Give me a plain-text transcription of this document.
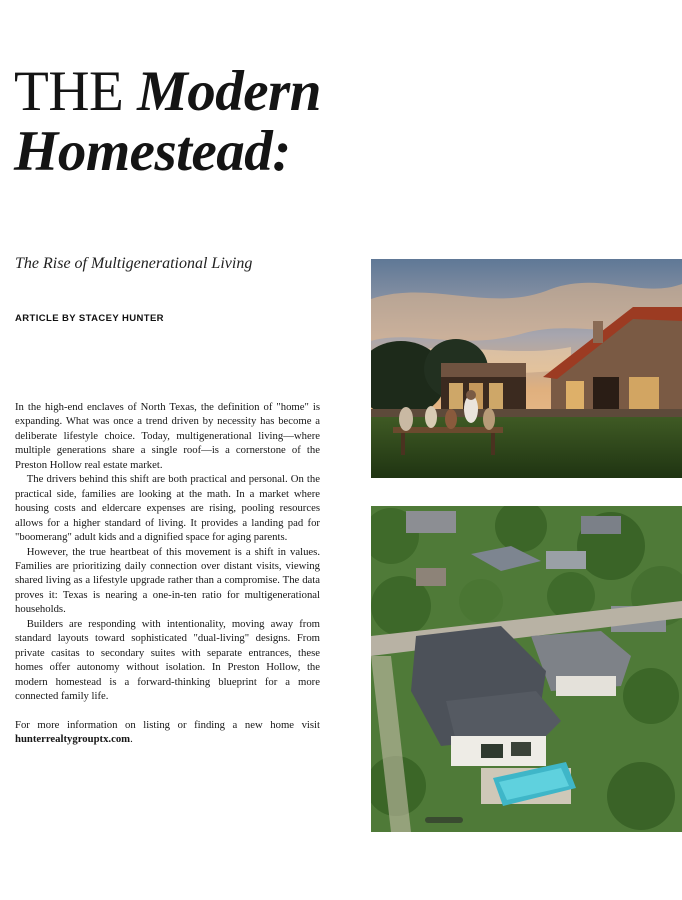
THE Modern
Homestead:
The Rise of Multigenerational Living
ARTICLE BY STACEY HUNTER

In the high-end enclaves of North Texas, the definition of "home" is expanding. What was once a trend driven by necessity has become a deliberate lifestyle choice. Today, multigenerational living—where multiple generations share a single roof—is a cornerstone of the Preston Hollow real estate market.

The drivers behind this shift are both practical and personal. On the practical side, families are looking at the math. In a market where housing costs and eldercare expenses are rising, pooling resources allows for a higher standard of living. It provides a landing pad for "boomerang" adult kids and a dignified space for aging parents.

However, the true heartbeat of this movement is a shift in values. Families are prioritizing daily connection over distant visits, viewing shared living as a lifestyle upgrade rather than a compromise. The data proves it: Texas is nearing a one-in-ten ratio for multigenerational households.

Builders are responding with intentionality, moving away from standard layouts toward sophisticated "dual-living" designs. From private casitas to secondary suites with separate entrances, these homes offer autonomy without isolation. In Preston Hollow, the modern homestead is a forward-thinking blueprint for a more connected family life.

For more information on listing or finding a new home visit hunterrealtygrouptx.com.
